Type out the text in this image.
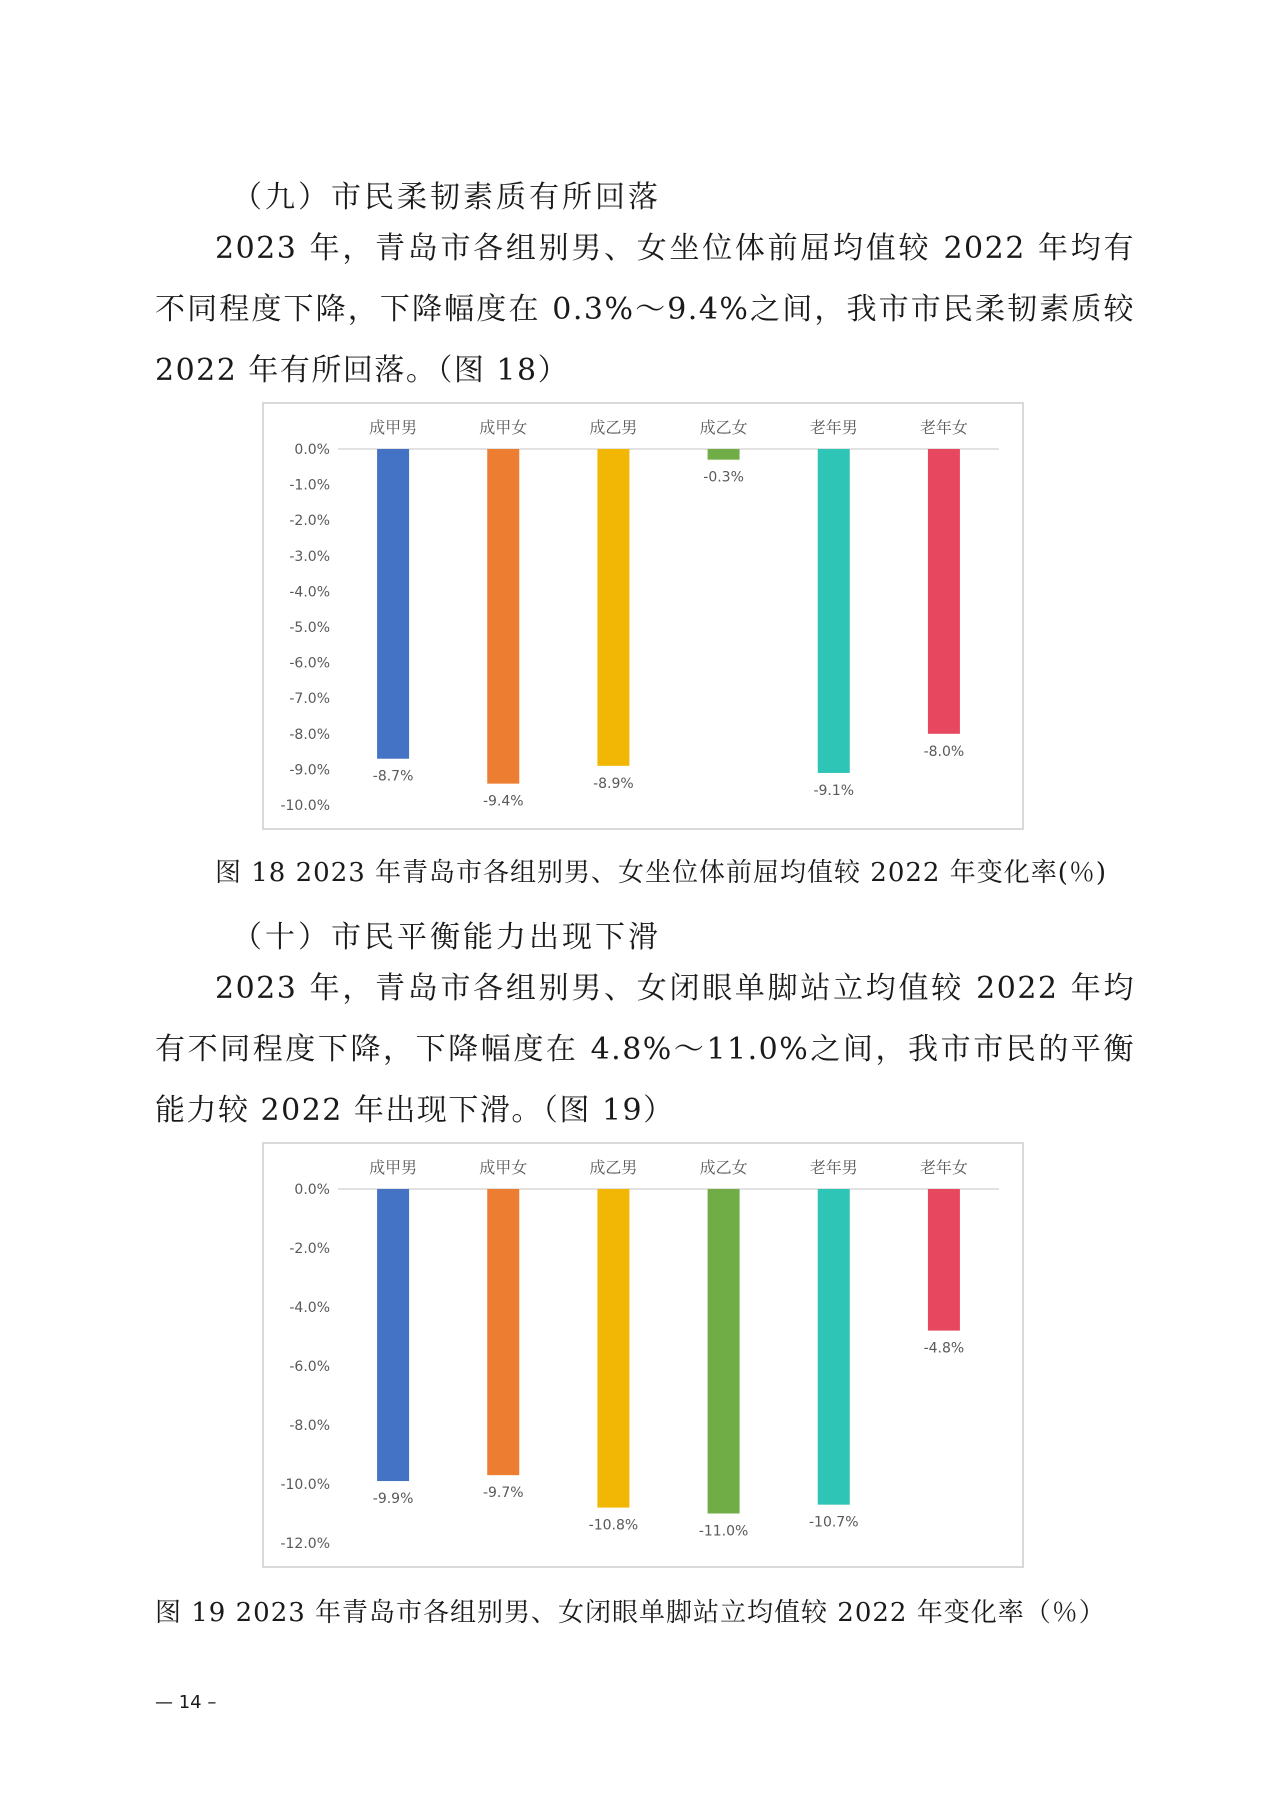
（九）市民柔韧素质有所回落
2023 年，青岛市各组别男、女坐位体前屈均值较 2022 年均有不同程度下降，下降幅度在 0.3%～9.4%之间，我市市民柔韧素质较 2022 年有所回落。（图 18）
0.0%
-1.0%
-2.0%
-3.0%
-4.0%
-5.0%
-6.0%
-7.0%
-8.0%
-9.0%
-10.0%
成甲男
-8.7%
成甲女
-9.4%
成乙男
-8.9%
成乙女
-0.3%
老年男
-9.1%
老年女
-8.0%
图 18 2023 年青岛市各组别男、女坐位体前屈均值较 2022 年变化率(％)
（十）市民平衡能力出现下滑
2023 年，青岛市各组别男、女闭眼单脚站立均值较 2022 年均有不同程度下降，下降幅度在 4.8%～11.0%之间，我市市民的平衡能力较 2022 年出现下滑。（图 19）
0.0%
-2.0%
-4.0%
-6.0%
-8.0%
-10.0%
-12.0%
成甲男
-9.9%
成甲女
-9.7%
成乙男
-10.8%
成乙女
-11.0%
老年男
-10.7%
老年女
-4.8%
图 19 2023 年青岛市各组别男、女闭眼单脚站立均值较 2022 年变化率（％）
— 14 –
